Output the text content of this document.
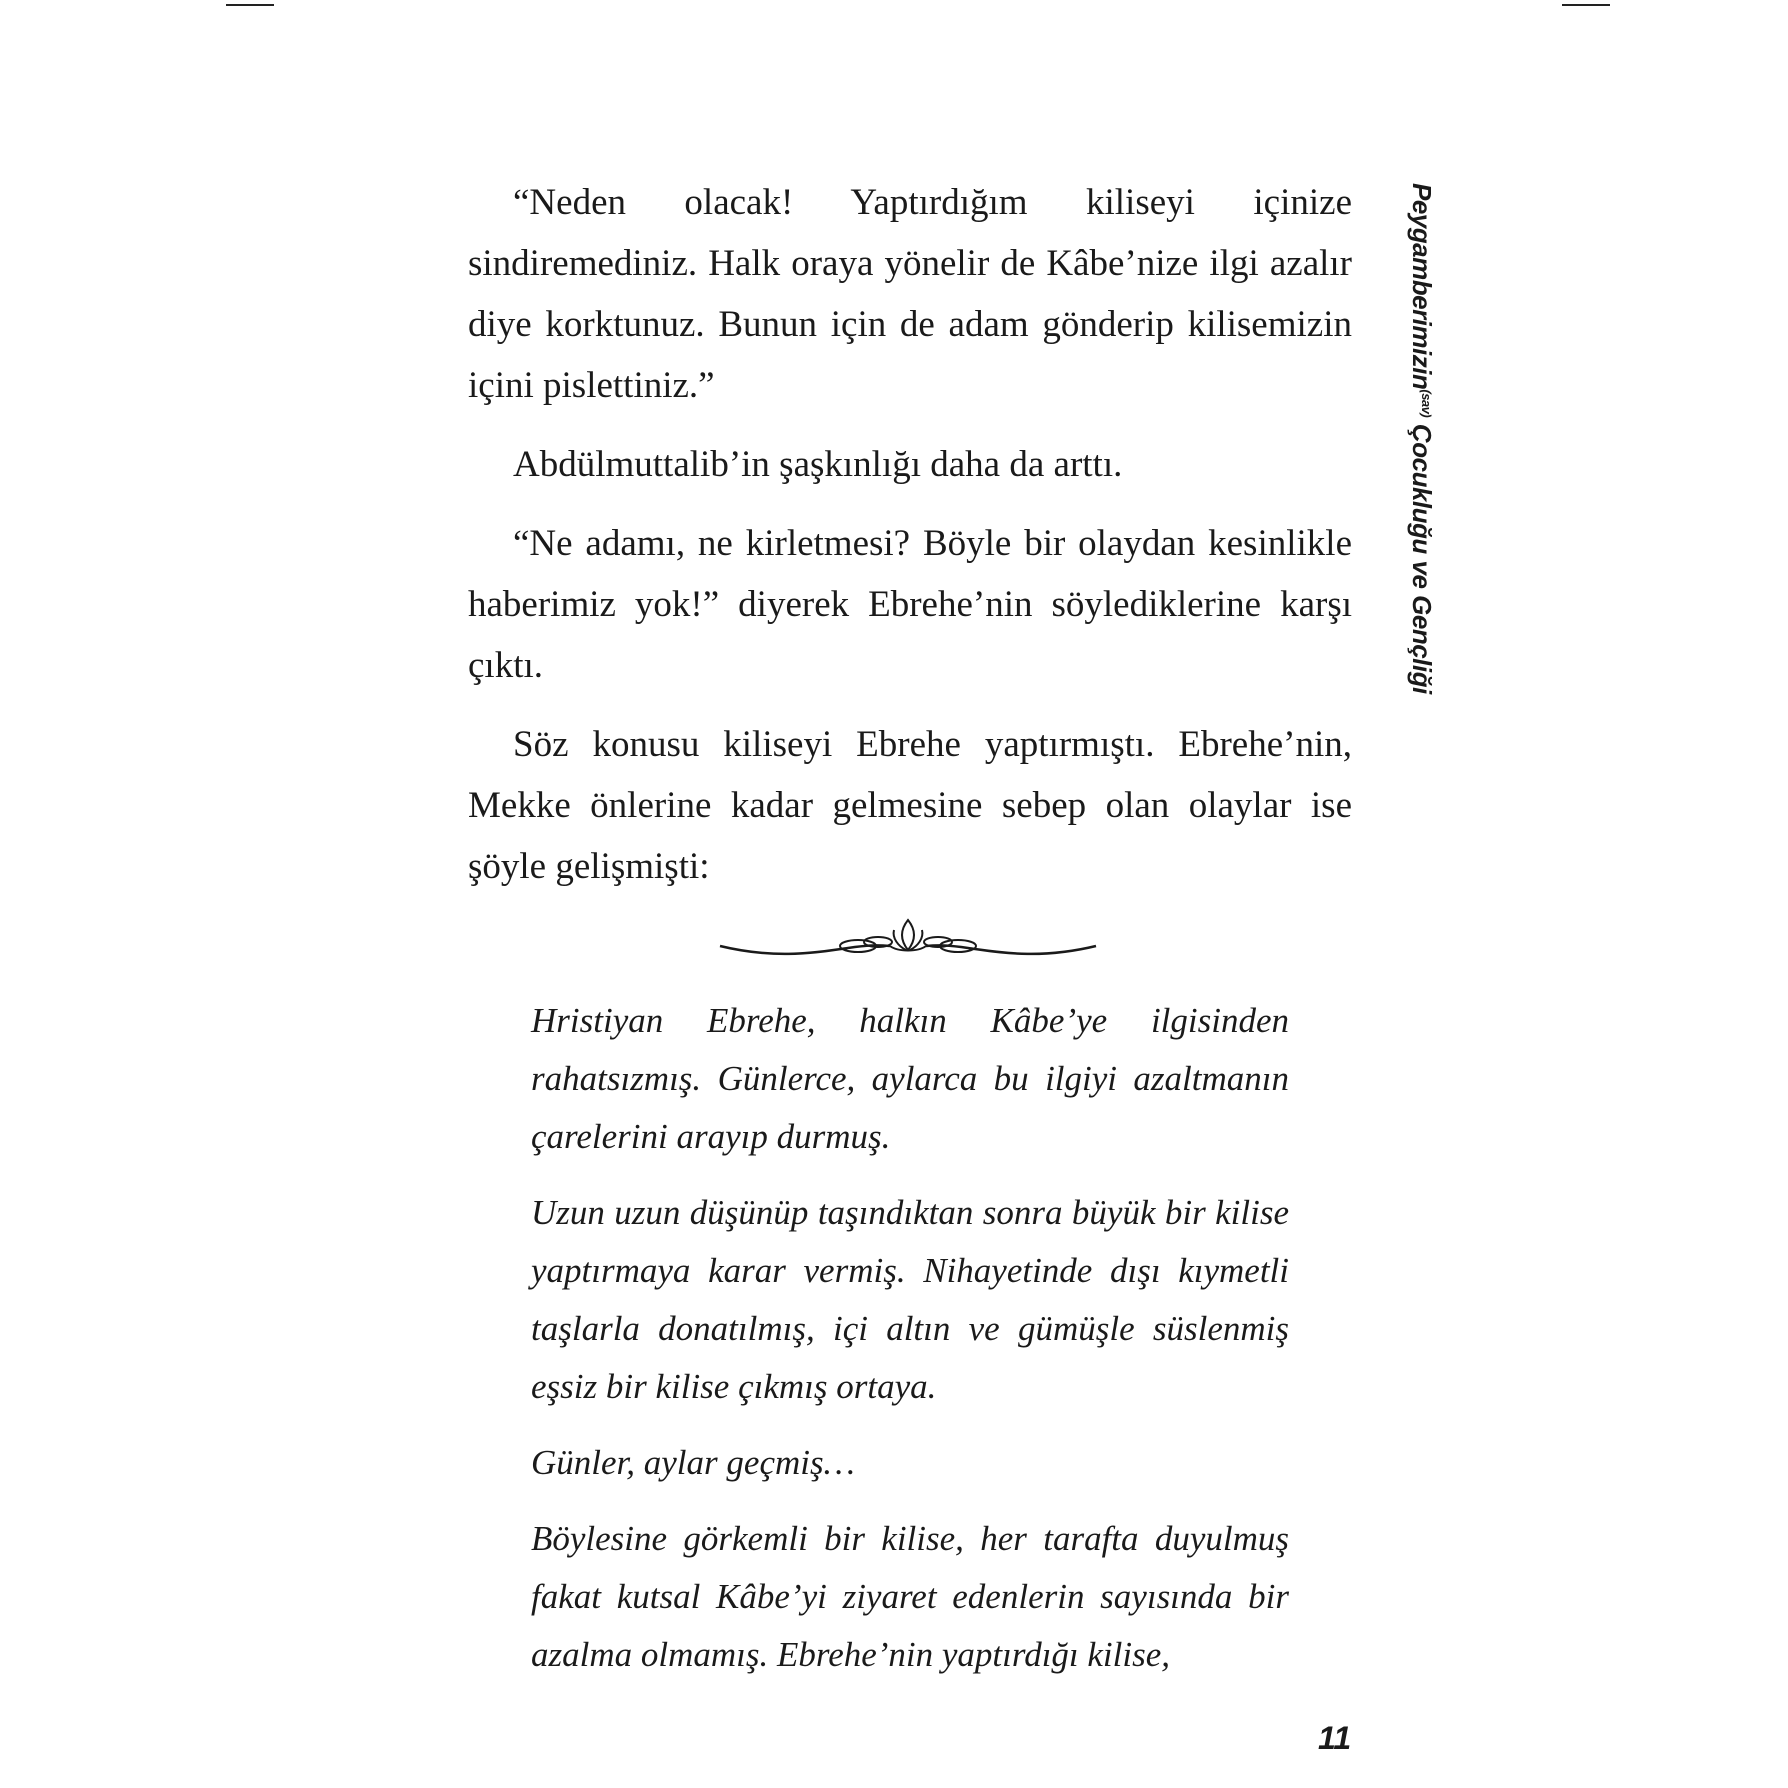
“Neden olacak! Yaptırdığım kiliseyi içinize sindiremediniz. Halk oraya yönelir de Kâbe’nize ilgi azalır diye korktunuz. Bunun için de adam gönderip kilisemizin içini pislettiniz.”

Abdülmuttalib’in şaşkınlığı daha da arttı.

“Ne adamı, ne kirletmesi? Böyle bir olaydan kesinlikle haberimiz yok!” diyerek Ebrehe’nin söylediklerine karşı çıktı.

Söz konusu kiliseyi Ebrehe yaptırmıştı. Ebrehe’nin, Mekke önlerine kadar gelmesine sebep olan olaylar ise şöyle gelişmişti:

Hristiyan Ebrehe, halkın Kâbe’ye ilgisinden rahatsızmış. Günlerce, aylarca bu ilgiyi azaltmanın çarelerini arayıp durmuş.

Uzun uzun düşünüp taşındıktan sonra büyük bir kilise yaptırmaya karar vermiş. Nihayetinde dışı kıymetli taşlarla donatılmış, içi altın ve gümüşle süslenmiş eşsiz bir kilise çıkmış ortaya.

Günler, aylar geçmiş…

Böylesine görkemli bir kilise, her tarafta duyulmuş fakat kutsal Kâbe’yi ziyaret edenlerin sayısında bir azalma olmamış. Ebrehe’nin yaptırdığı kilise,

Peygamberimizin$^{(sav)}$ Çocukluğu ve Gençliği
11
